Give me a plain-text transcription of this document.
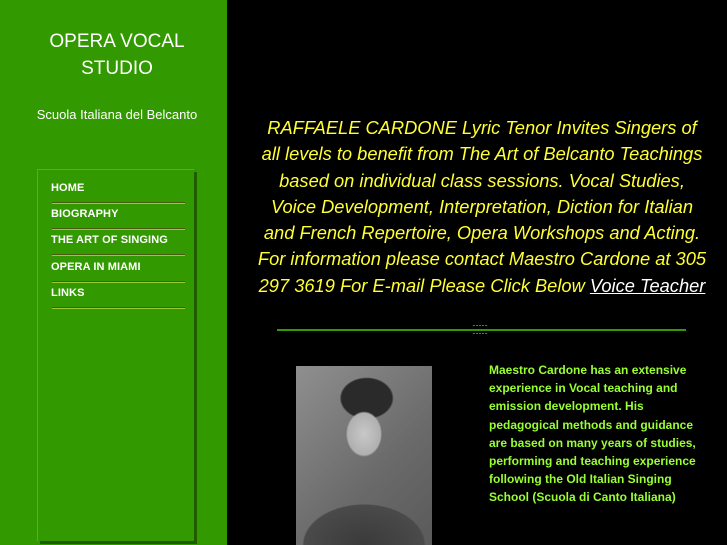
OPERA VOCAL
STUDIO
Scuola Italiana del Belcanto
HOME
BIOGRAPHY
THE ART OF SINGING
OPERA IN MIAMI
LINKS
RAFFAELE CARDONE Lyric Tenor Invites Singers of all levels to benefit from The Art of Belcanto Teachings based on individual class sessions. Vocal Studies, Voice Development, Interpretation, Diction for Italian and French Repertoire, Opera Workshops and Acting. For information please contact Maestro Cardone at 305 297 3619 For E-mail Please Click Below Voice Teacher
Maestro Cardone has an extensive experience in Vocal teaching and emission development. His pedagogical methods and guidance are based on many years of studies, performing and teaching experience following the Old Italian Singing School (Scuola di Canto Italiana)
